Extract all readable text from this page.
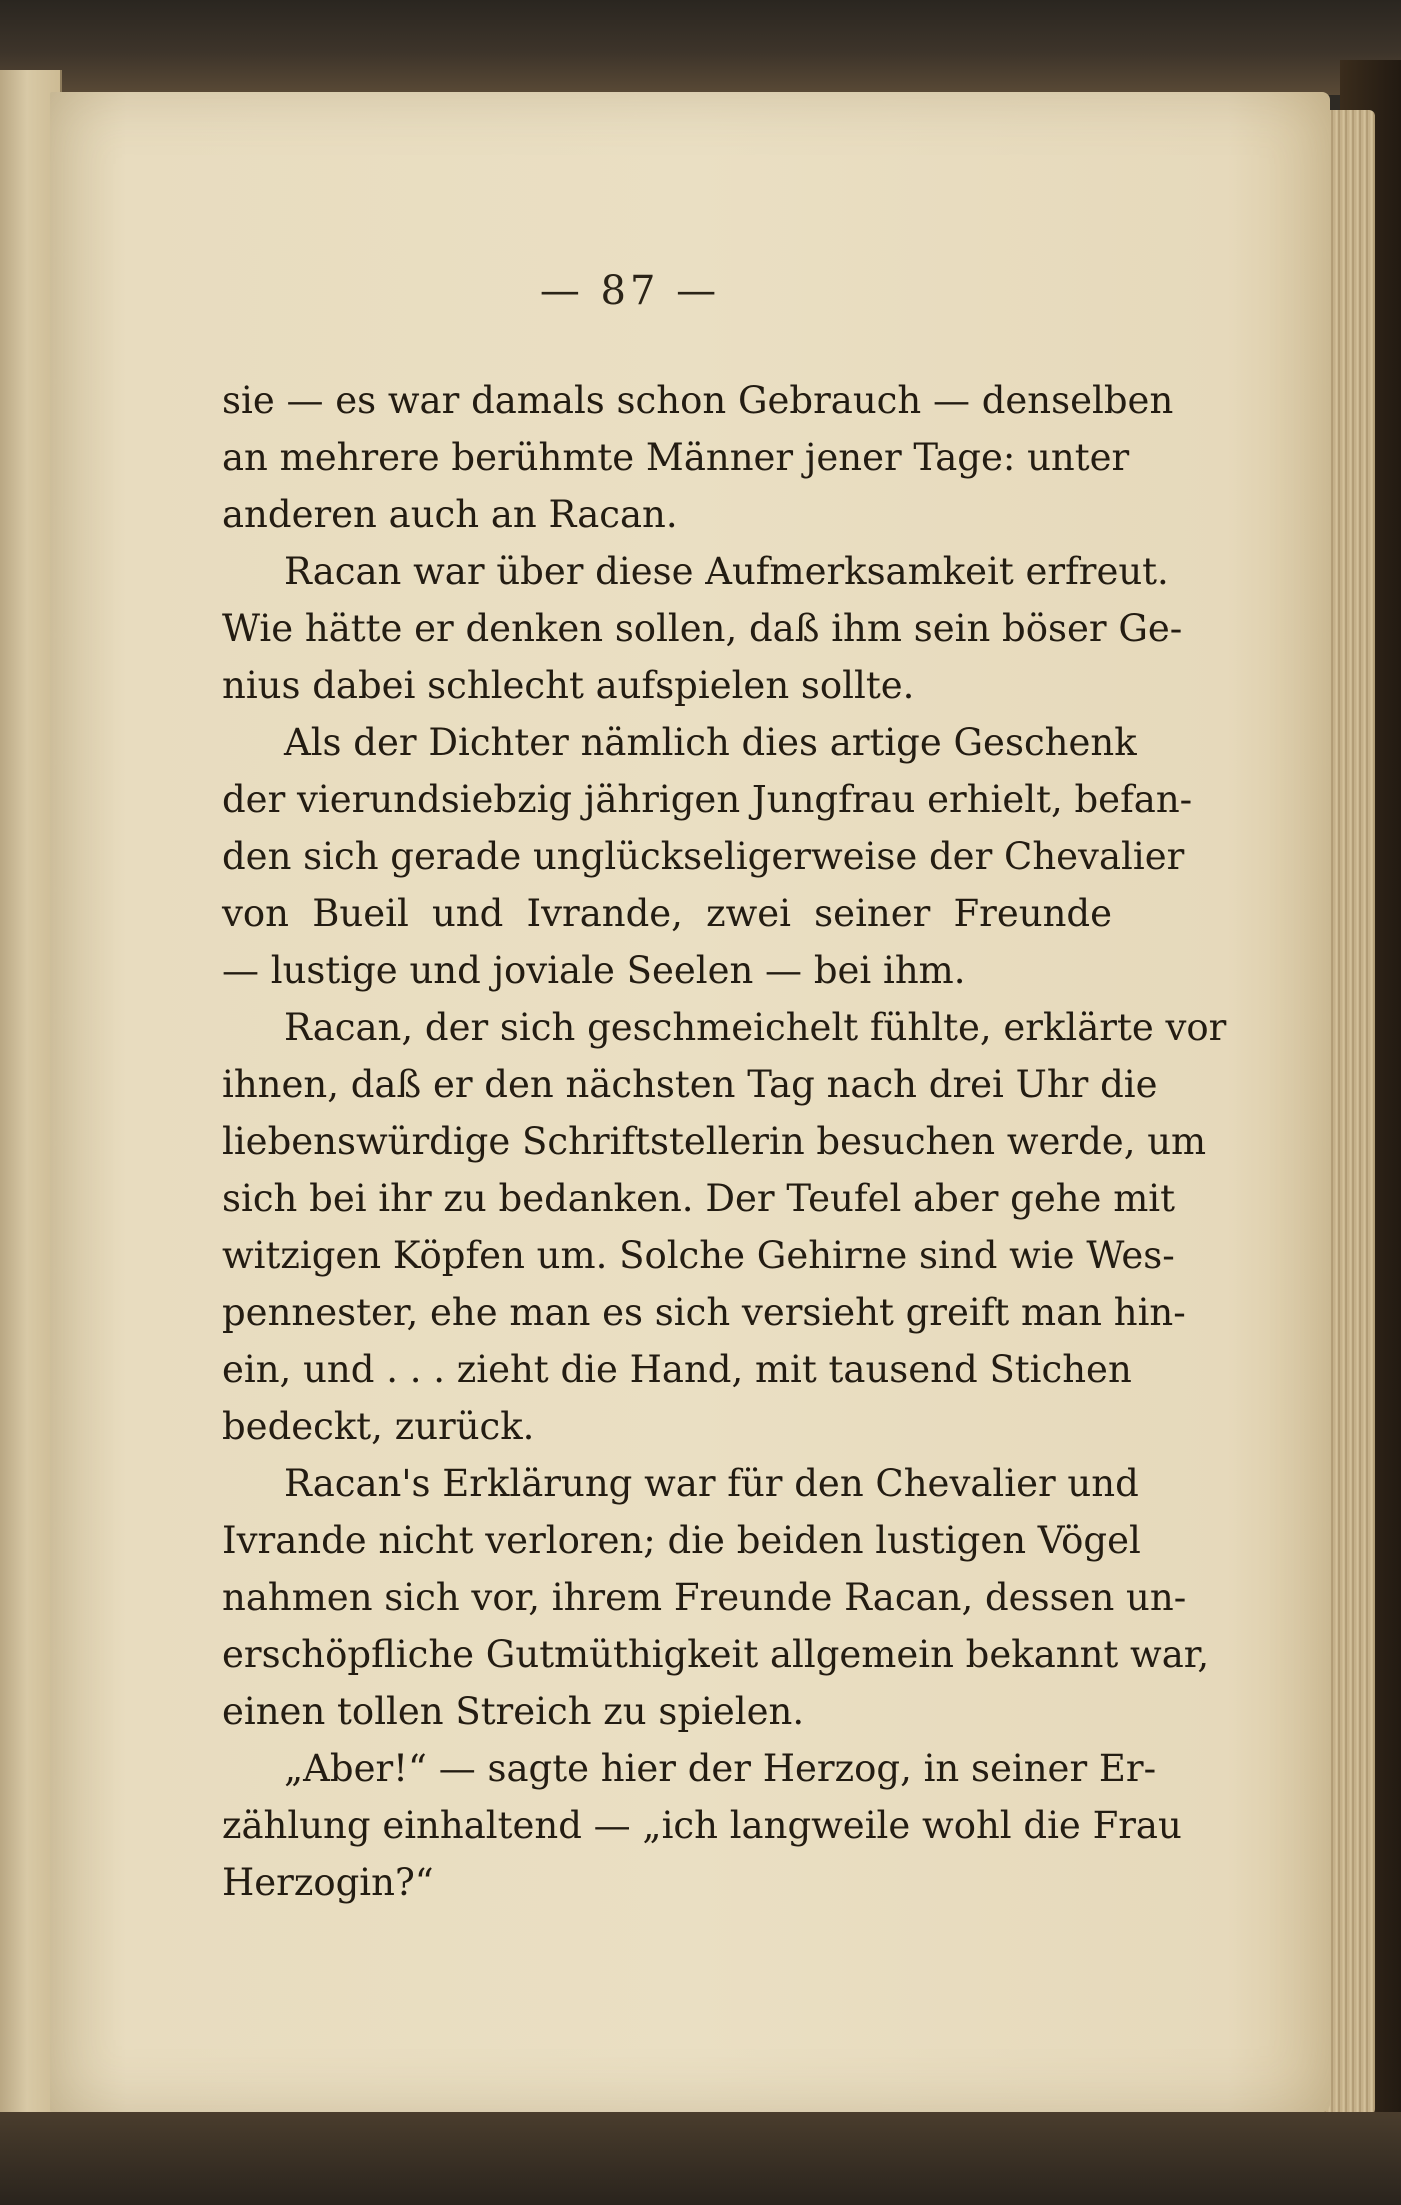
— 87 —
sie — es war damals schon Gebrauch — denselben
an mehrere berühmte Männer jener Tage: unter
anderen auch an Racan.
Racan war über diese Aufmerksamkeit erfreut.
Wie hätte er denken sollen, daß ihm sein böser Ge-
nius dabei schlecht aufspielen sollte.
Als der Dichter nämlich dies artige Geschenk
der vierundsiebzig jährigen Jungfrau erhielt, befan-
den sich gerade unglückseligerweise der Chevalier
von Bueil und Ivrande, zwei seiner Freunde
— lustige und joviale Seelen — bei ihm.
Racan, der sich geschmeichelt fühlte, erklärte vor
ihnen, daß er den nächsten Tag nach drei Uhr die
liebenswürdige Schriftstellerin besuchen werde, um
sich bei ihr zu bedanken. Der Teufel aber gehe mit
witzigen Köpfen um. Solche Gehirne sind wie Wes-
pennester, ehe man es sich versieht greift man hin-
ein, und . . . zieht die Hand, mit tausend Stichen
bedeckt, zurück.
Racan's Erklärung war für den Chevalier und
Ivrande nicht verloren; die beiden lustigen Vögel
nahmen sich vor, ihrem Freunde Racan, dessen un-
erschöpfliche Gutmüthigkeit allgemein bekannt war,
einen tollen Streich zu spielen.
„Aber!“ — sagte hier der Herzog, in seiner Er-
zählung einhaltend — „ich langweile wohl die Frau
Herzogin?“
